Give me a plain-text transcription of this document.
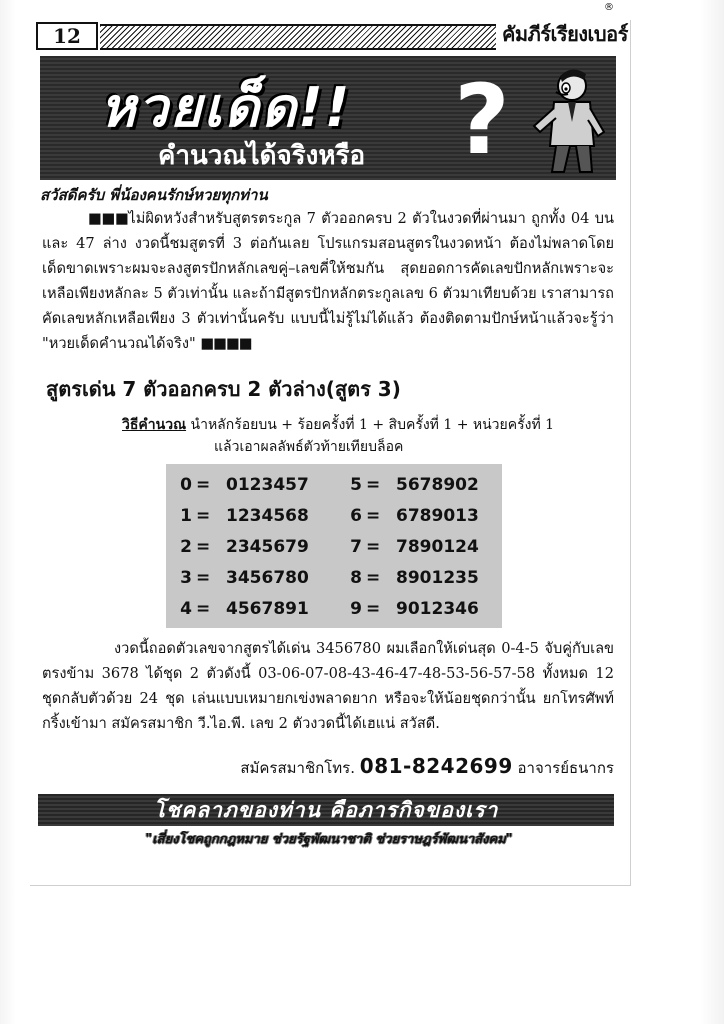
12	คัมภีร์เรียงเบอร์
®
หวยเด็ด!!
คำนวณได้จริงหรือ ?
สวัสดีครับ พี่น้องคนรักษ์หวยทุกท่าน
■■■ไม่ผิดหวังสำหรับสูตรตระกูล 7 ตัวออกครบ 2 ตัวในงวดที่ผ่านมา ถูกทั้ง 04 บน และ 47 ล่าง งวดนี้ชมสูตรที่ 3 ต่อกันเลย โปรแกรมสอนสูตรในงวดหน้า ต้องไม่พลาดโดยเด็ดขาดเพราะผมจะลงสูตรปักหลักเลขคู่–เลขคี่ให้ชมกัน สุดยอดการคัดเลขปักหลักเพราะจะเหลือเพียงหลักละ 5 ตัวเท่านั้น และถ้ามีสูตรปักหลักตระกูลเลข 6 ตัวมาเทียบด้วย เราสามารถคัดเลขหลักเหลือเพียง 3 ตัวเท่านั้นครับ แบบนี้ไม่รู้ไม่ได้แล้ว ต้องติดตามปักษ์หน้าแล้วจะรู้ว่า "หวยเด็ดคำนวณได้จริง" ■■■■
สูตรเด่น 7 ตัวออกครบ 2 ตัวล่าง(สูตร 3)
วิธีคำนวณ นำหลักร้อยบน + ร้อยครั้งที่ 1 + สิบครั้งที่ 1 + หน่วยครั้งที่ 1
แล้วเอาผลลัพธ์ตัวท้ายเทียบล็อค
0 = 0123457
1 = 1234568
2 = 2345679
3 = 3456780
4 = 4567891
5 = 5678902
6 = 6789013
7 = 7890124
8 = 8901235
9 = 9012346
งวดนี้ถอดตัวเลขจากสูตรได้เด่น 3456780 ผมเลือกให้เด่นสุด 0-4-5 จับคู่กับเลขตรงข้าม 3678 ได้ชุด 2 ตัวดังนี้ 03-06-07-08-43-46-47-48-53-56-57-58 ทั้งหมด 12 ชุดกลับตัวด้วย 24 ชุด เล่นแบบเหมายกเข่งพลาดยาก หรือจะให้น้อยชุดกว่านั้น ยกโทรศัพท์กริ้งเข้ามา สมัครสมาชิก วี.ไอ.พี. เลข 2 ตัวงวดนี้ได้เฮแน่ สวัสดี.
สมัครสมาชิกโทร. 081-8242699 อาจารย์ธนากร
โชคลาภของท่าน คือภารกิจของเรา
"เสี่ยงโชคถูกกฎหมาย ช่วยรัฐพัฒนาชาติ ช่วยราษฎร์พัฒนาสังคม"
